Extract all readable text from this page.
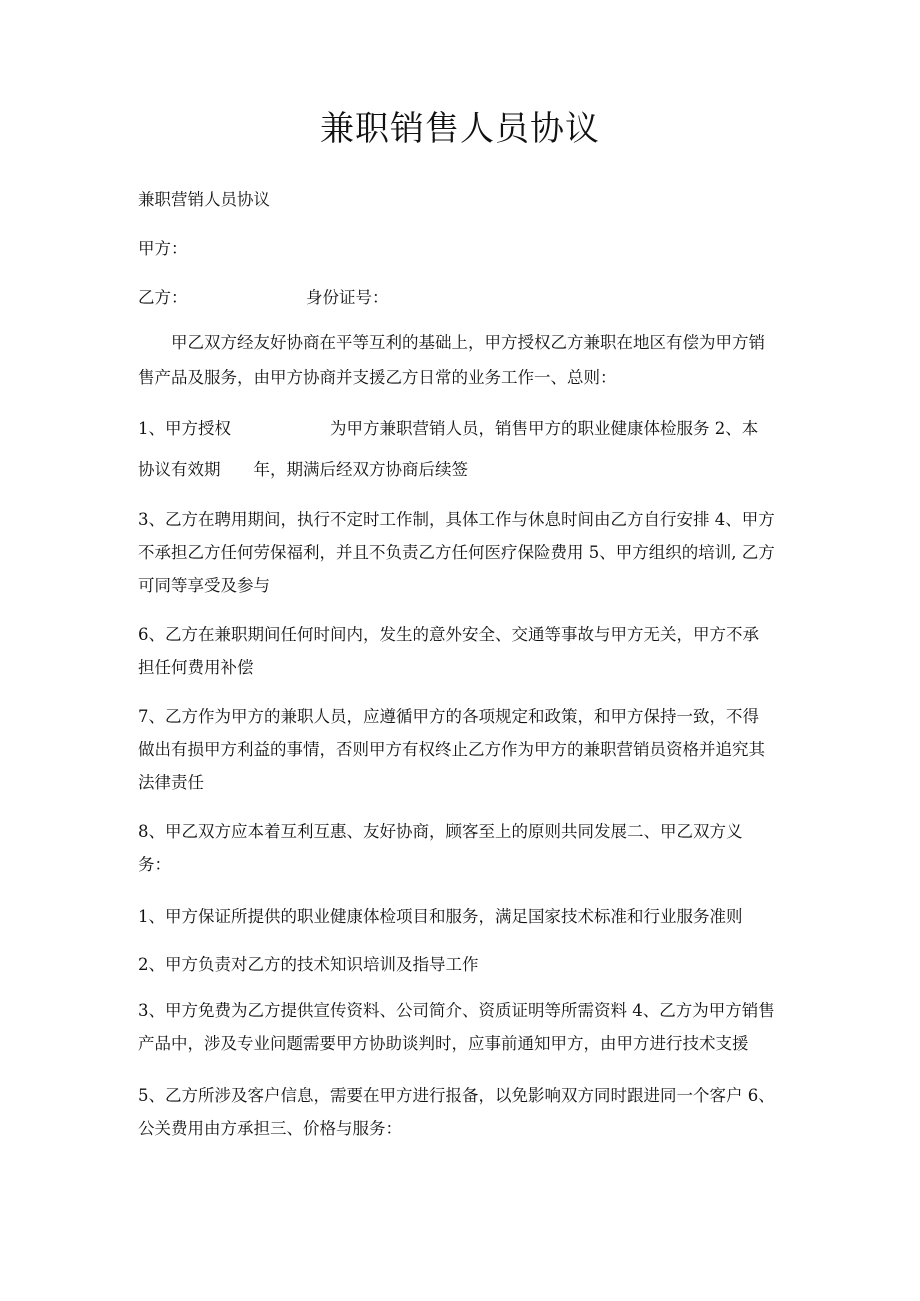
兼职销售人员协议

兼职营销人员协议

甲方：

乙方：	身份证号：

　　甲乙双方经友好协商在平等互利的基础上，甲方授权乙方兼职在地区有偿为甲方销

售产品及服务，由甲方协商并支援乙方日常的业务工作一、总则：

1、甲方授权　　　　　　为甲方兼职营销人员，销售甲方的职业健康体检服务 2、本

协议有效期　　年，期满后经双方协商后续签

3、乙方在聘用期间，执行不定时工作制，具体工作与休息时间由乙方自行安排 4、甲方

不承担乙方任何劳保福利，并且不负责乙方任何医疗保险费用 5、甲方组织的培训, 乙方

可同等享受及参与

6、乙方在兼职期间任何时间内，发生的意外安全、交通等事故与甲方无关，甲方不承

担任何费用补偿

7、乙方作为甲方的兼职人员，应遵循甲方的各项规定和政策，和甲方保持一致，不得

做出有损甲方利益的事情，否则甲方有权终止乙方作为甲方的兼职营销员资格并追究其

法律责任

8、甲乙双方应本着互利互惠、友好协商，顾客至上的原则共同发展二、甲乙双方义

务：

1、甲方保证所提供的职业健康体检项目和服务，满足国家技术标准和行业服务准则

2、甲方负责对乙方的技术知识培训及指导工作

3、甲方免费为乙方提供宣传资料、公司简介、资质证明等所需资料 4、乙方为甲方销售

产品中，涉及专业问题需要甲方协助谈判时，应事前通知甲方，由甲方进行技术支援

5、乙方所涉及客户信息，需要在甲方进行报备，以免影响双方同时跟进同一个客户 6、

公关费用由方承担三、价格与服务：
